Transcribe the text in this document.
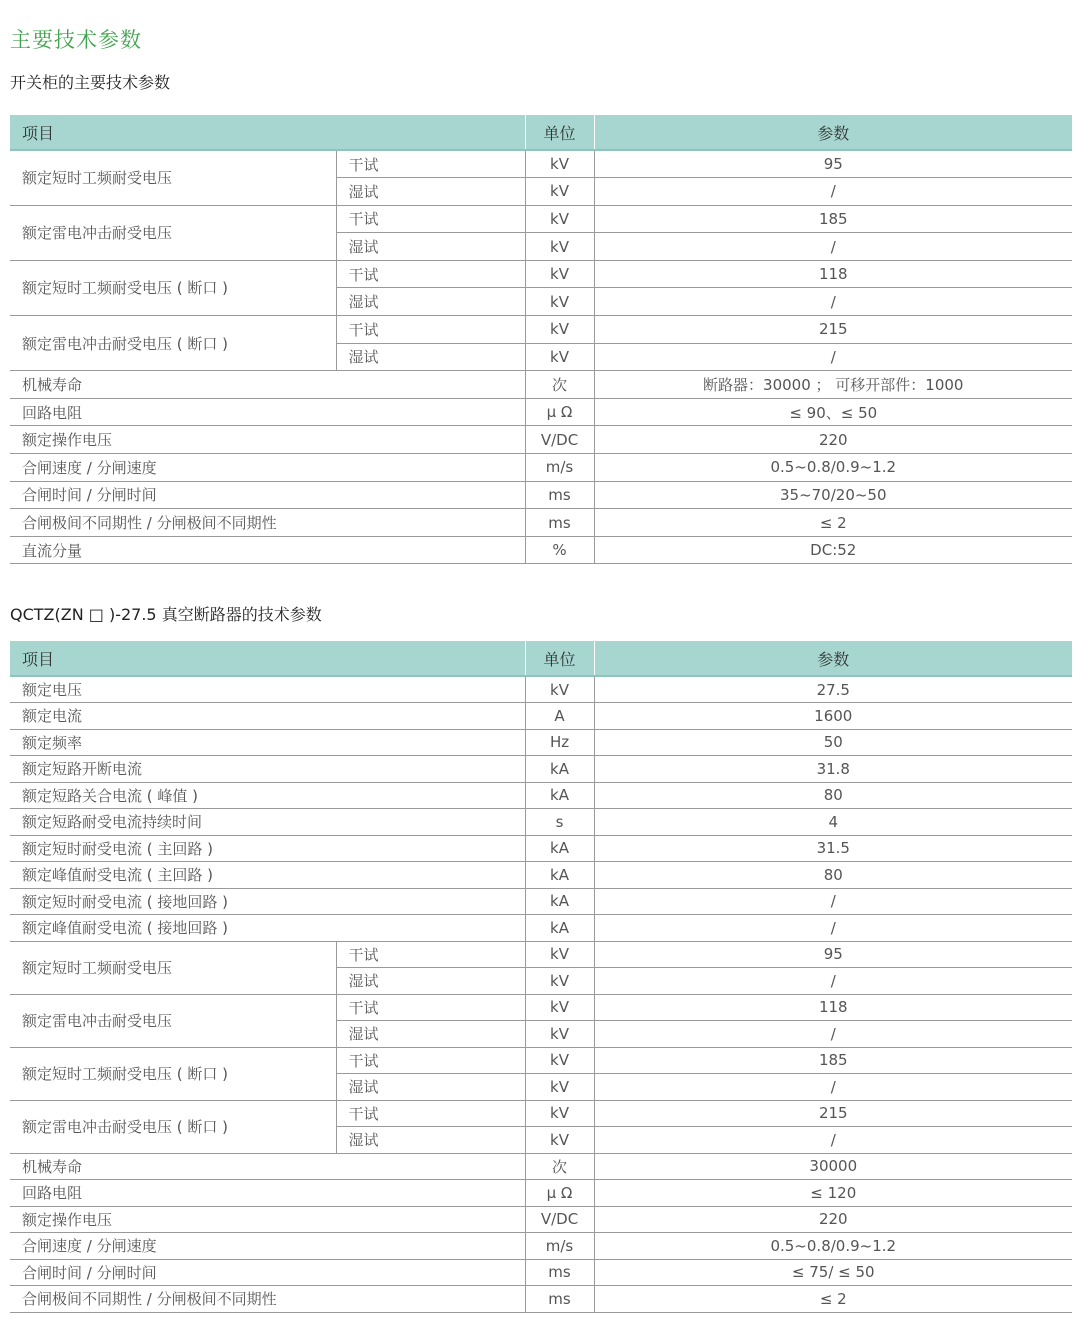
主要技术参数
开关柜的主要技术参数
项目		单位	参数
额定短时工频耐受电压	干试	kV	95
	湿试	kV	/
额定雷电冲击耐受电压	干试	kV	185
	湿试	kV	/
额定短时工频耐受电压 ( 断口 )	干试	kV	118
	湿试	kV	/
额定雷电冲击耐受电压 ( 断口 )	干试	kV	215
	湿试	kV	/
机械寿命		次	断路器：30000 ； 可移开部件：1000
回路电阻		μ Ω	≤ 90、≤ 50
额定操作电压		V/DC	220
合闸速度 / 分闸速度		m/s	0.5~0.8/0.9~1.2
合闸时间 / 分闸时间		ms	35~70/20~50
合闸极间不同期性 / 分闸极间不同期性		ms	≤ 2
直流分量		%	DC:52
QCTZ(ZN □ )-27.5 真空断路器的技术参数
项目		单位	参数
额定电压		kV	27.5
额定电流		A	1600
额定频率		Hz	50
额定短路开断电流		kA	31.8
额定短路关合电流 ( 峰值 )		kA	80
额定短路耐受电流持续时间		s	4
额定短时耐受电流 ( 主回路 )		kA	31.5
额定峰值耐受电流 ( 主回路 )		kA	80
额定短时耐受电流 ( 接地回路 )		kA	/
额定峰值耐受电流 ( 接地回路 )		kA	/
额定短时工频耐受电压	干试	kV	95
	湿试	kV	/
额定雷电冲击耐受电压	干试	kV	118
	湿试	kV	/
额定短时工频耐受电压 ( 断口 )	干试	kV	185
	湿试	kV	/
额定雷电冲击耐受电压 ( 断口 )	干试	kV	215
	湿试	kV	/
机械寿命		次	30000
回路电阻		μ Ω	≤ 120
额定操作电压		V/DC	220
合闸速度 / 分闸速度		m/s	0.5~0.8/0.9~1.2
合闸时间 / 分闸时间		ms	≤ 75/ ≤ 50
合闸极间不同期性 / 分闸极间不同期性		ms	≤ 2
